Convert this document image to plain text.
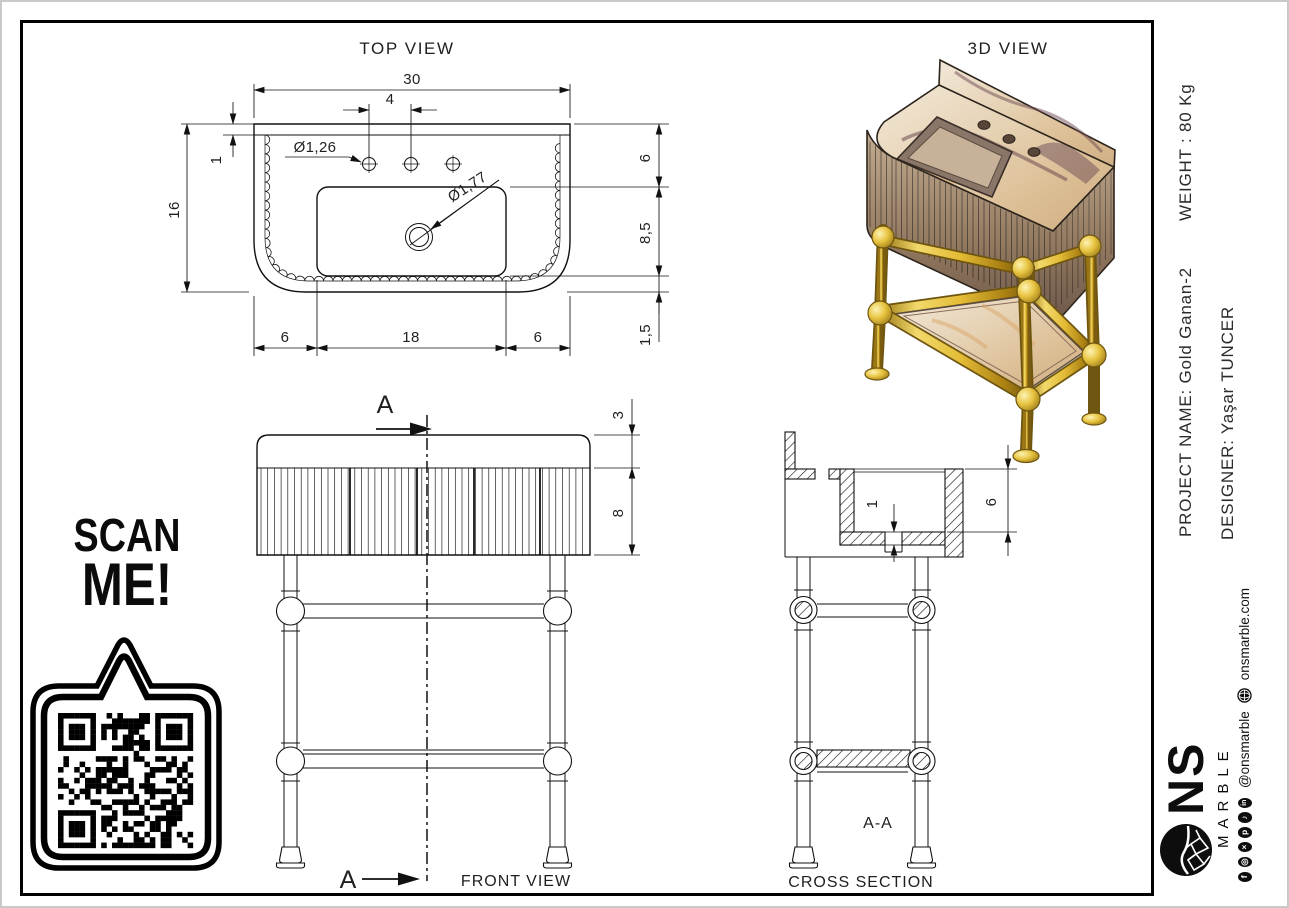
TOP VIEW
Ø1,26
Ø1,77
30
4
1
16
6
8,5
1,5
6	18	6
3D VIEW
A
A
3
8
FRONT VIEW
1	6
A-A
CROSS SECTION
SCAN
ME!
PROJECT NAME: Gold Ganan-2WEIGHT : 80 Kg
DESIGNER: Yaşar TUNCER
NS MARBLE
f
◎
×
p
♪
in
@onsmarble
onsmarble.com
